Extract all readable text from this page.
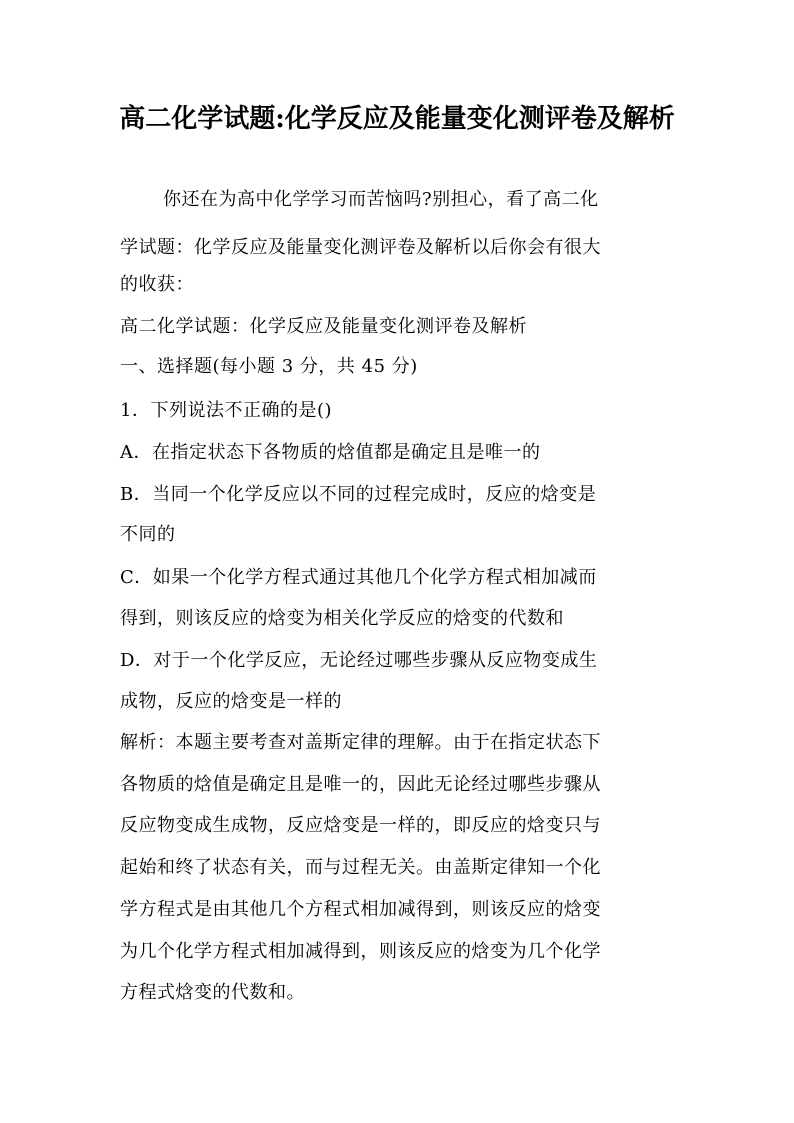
高二化学试题:化学反应及能量变化测评卷及解析
你还在为高中化学学习而苦恼吗?别担心，看了高二化
学试题：化学反应及能量变化测评卷及解析以后你会有很大
的收获：
高二化学试题：化学反应及能量变化测评卷及解析
一、选择题(每小题 3 分，共 45 分)
1．下列说法不正确的是()
A．在指定状态下各物质的焓值都是确定且是唯一的
B．当同一个化学反应以不同的过程完成时，反应的焓变是
不同的
C．如果一个化学方程式通过其他几个化学方程式相加减而
得到，则该反应的焓变为相关化学反应的焓变的代数和
D．对于一个化学反应，无论经过哪些步骤从反应物变成生
成物，反应的焓变是一样的
解析：本题主要考查对盖斯定律的理解。由于在指定状态下
各物质的焓值是确定且是唯一的，因此无论经过哪些步骤从
反应物变成生成物，反应焓变是一样的，即反应的焓变只与
起始和终了状态有关，而与过程无关。由盖斯定律知一个化
学方程式是由其他几个方程式相加减得到，则该反应的焓变
为几个化学方程式相加减得到，则该反应的焓变为几个化学
方程式焓变的代数和。
